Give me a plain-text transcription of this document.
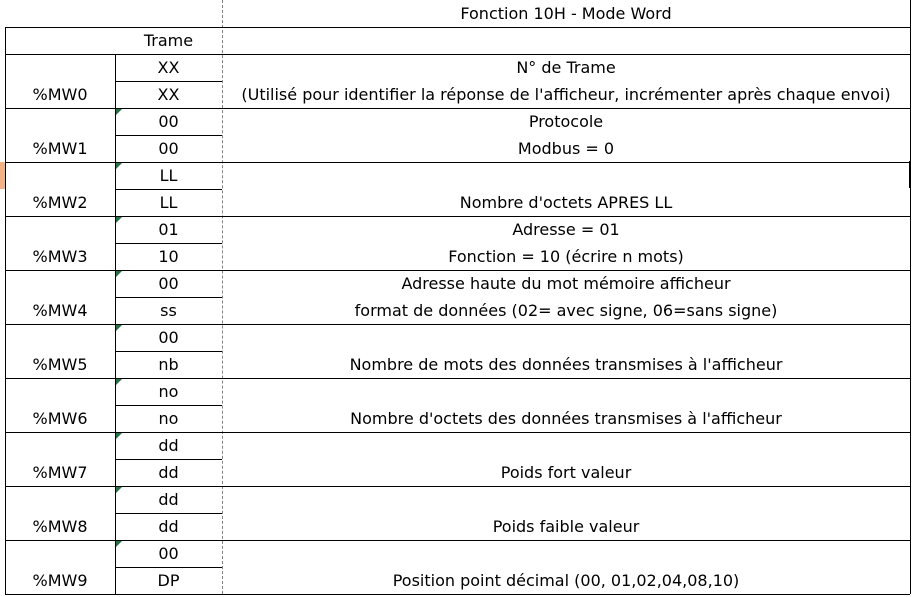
Fonction 10H - Mode Word
Trame
%MW0
XX	N° de Trame
XX	(Utilisé pour identifier la réponse de l'afficheur, incrémenter après chaque envoi)
%MW1
00	Protocole
00	Modbus = 0
%MW2
LL
LL	Nombre d'octets APRES LL
%MW3
01	Adresse = 01
10	Fonction = 10 (écrire n mots)
%MW4
00	Adresse haute du mot mémoire afficheur
ss	format de données (02= avec signe, 06=sans signe)
%MW5
00
nb	Nombre de mots des données transmises à l'afficheur
%MW6
no
no	Nombre d'octets des données transmises à l'afficheur
%MW7
dd
dd	Poids fort valeur
%MW8
dd
dd	Poids faible valeur
%MW9
00
DP	Position point décimal (00, 01,02,04,08,10)
